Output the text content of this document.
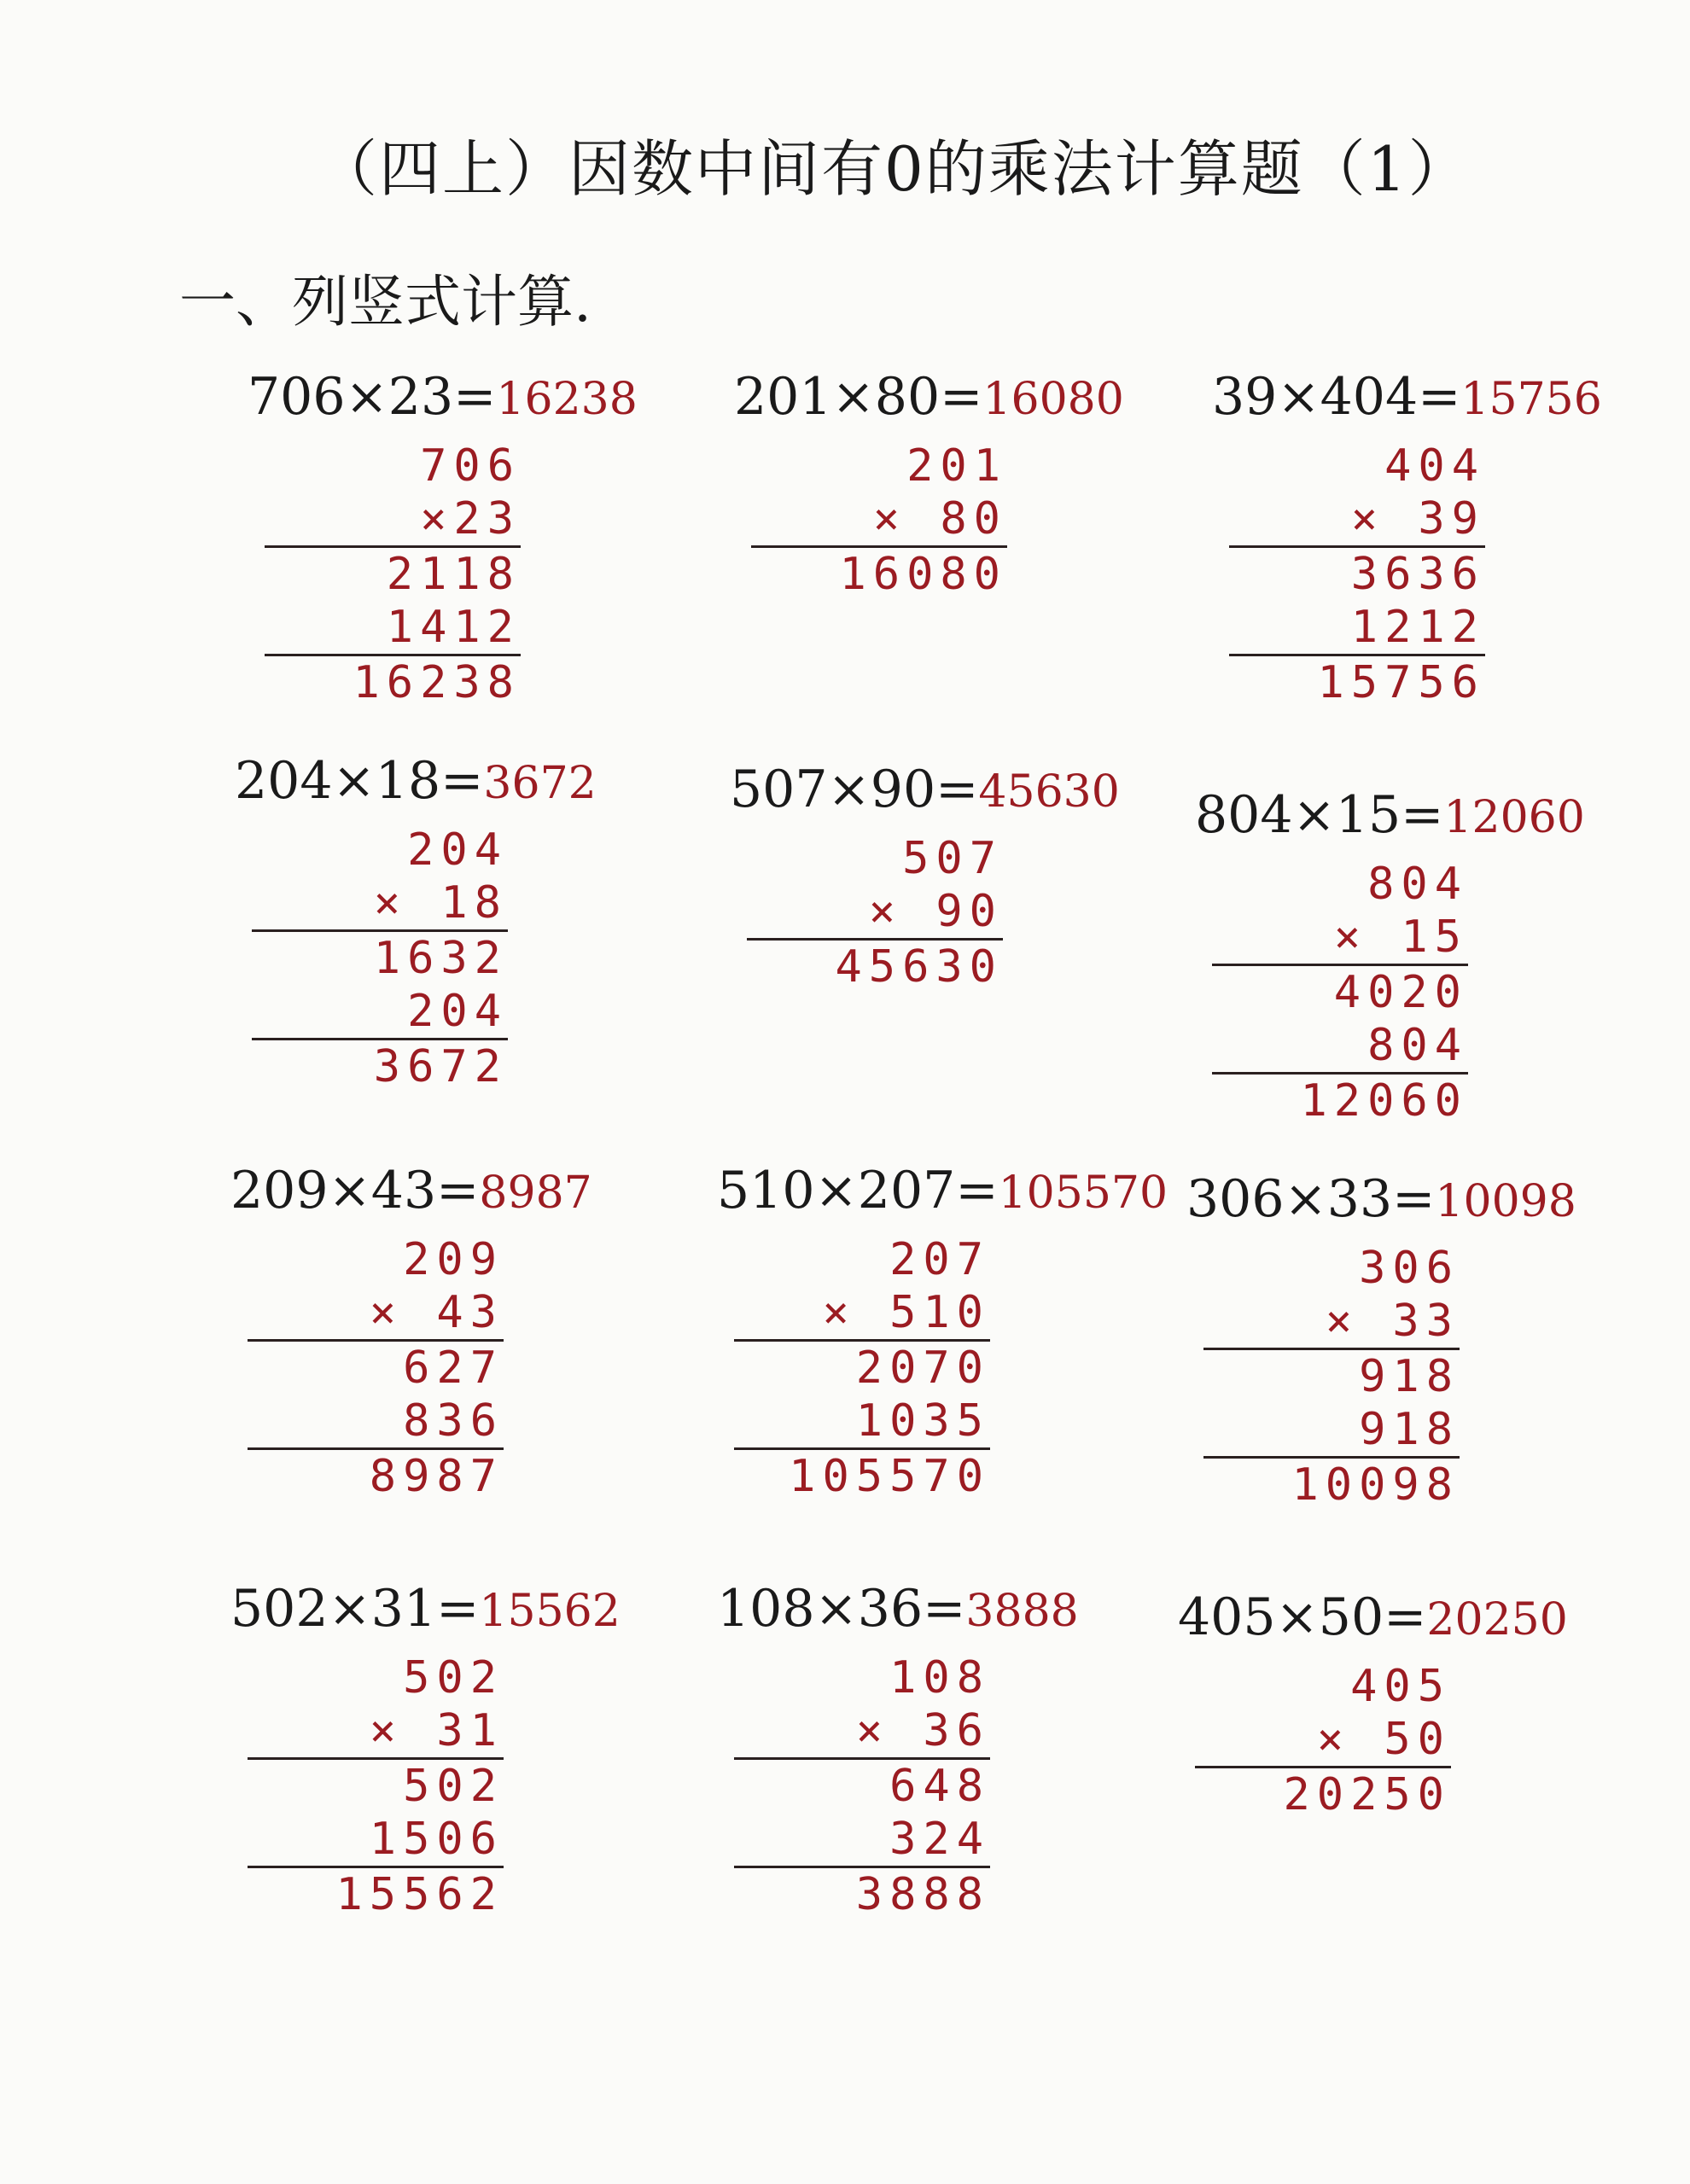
（四上）因数中间有0的乘法计算题（1）
一、列竖式计算.
706×23=16238
706
×23
2118
1412
16238
201×80=16080
201
× 80
16080
39×404=15756
404
× 39
3636
1212
15756
204×18=3672
204
× 18
1632
204
3672
507×90=45630
507
× 90
45630
804×15=12060
804
× 15
4020
804
12060
209×43=8987
209
× 43
627
836
8987
510×207=105570
207
× 510
2070
1035
105570
306×33=10098
306
× 33
918
918
10098
502×31=15562
502
× 31
502
1506
15562
108×36=3888
108
× 36
648
324
3888
405×50=20250
405
× 50
20250
